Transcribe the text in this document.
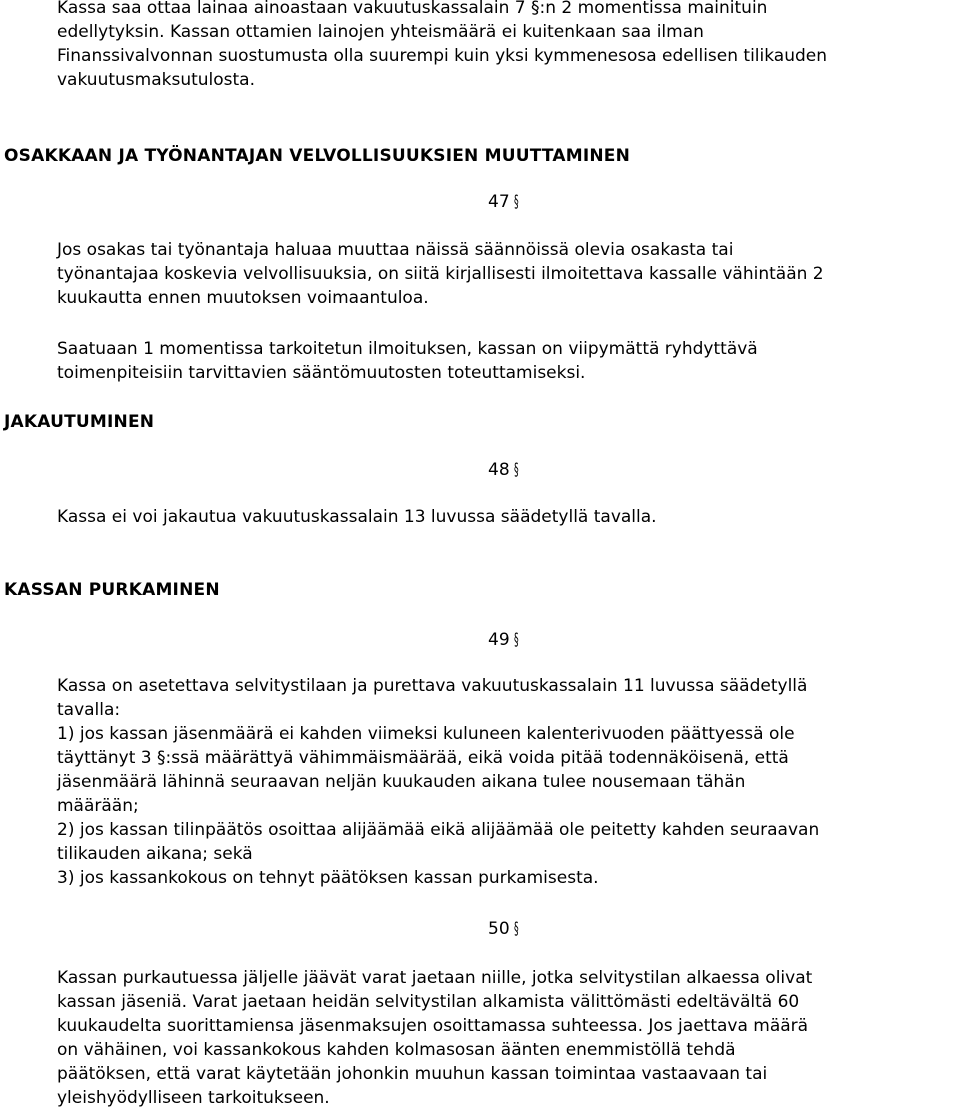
Kassa saa ottaa lainaa ainoastaan vakuutuskassalain 7 §:n 2 momentissa mainituin
edellytyksin. Kassan ottamien lainojen yhteismäärä ei kuitenkaan saa ilman
Finanssivalvonnan suostumusta olla suurempi kuin yksi kymmenesosa edellisen tilikauden
vakuutusmaksutulosta.

OSAKKAAN JA TYÖNANTAJAN VELVOLLISUUKSIEN MUUTTAMINEN
47 §

Jos osakas tai työnantaja haluaa muuttaa näissä säännöissä olevia osakasta tai
työnantajaa koskevia velvollisuuksia, on siitä kirjallisesti ilmoitettava kassalle vähintään 2
kuukautta ennen muutoksen voimaantuloa.

Saatuaan 1 momentissa tarkoitetun ilmoituksen, kassan on viipymättä ryhdyttävä
toimenpiteisiin tarvittavien sääntömuutosten toteuttamiseksi.

JAKAUTUMINEN
48 §

Kassa ei voi jakautua vakuutuskassalain 13 luvussa säädetyllä tavalla.

KASSAN PURKAMINEN
49 §

Kassa on asetettava selvitystilaan ja purettava vakuutuskassalain 11 luvussa säädetyllä
tavalla:
1) jos kassan jäsenmäärä ei kahden viimeksi kuluneen kalenterivuoden päättyessä ole
täyttänyt 3 §:ssä määrättyä vähimmäismäärää, eikä voida pitää todennäköisenä, että
jäsenmäärä lähinnä seuraavan neljän kuukauden aikana tulee nousemaan tähän
määrään;
2) jos kassan tilinpäätös osoittaa alijäämää eikä alijäämää ole peitetty kahden seuraavan
tilikauden aikana; sekä
3) jos kassankokous on tehnyt päätöksen kassan purkamisesta.

50 §

Kassan purkautuessa jäljelle jäävät varat jaetaan niille, jotka selvitystilan alkaessa olivat
kassan jäseniä. Varat jaetaan heidän selvitystilan alkamista välittömästi edeltävältä 60
kuukaudelta suorittamiensa jäsenmaksujen osoittamassa suhteessa. Jos jaettava määrä
on vähäinen, voi kassankokous kahden kolmasosan äänten enemmistöllä tehdä
päätöksen, että varat käytetään johonkin muuhun kassan toimintaa vastaavaan tai
yleishyödylliseen tarkoitukseen.
